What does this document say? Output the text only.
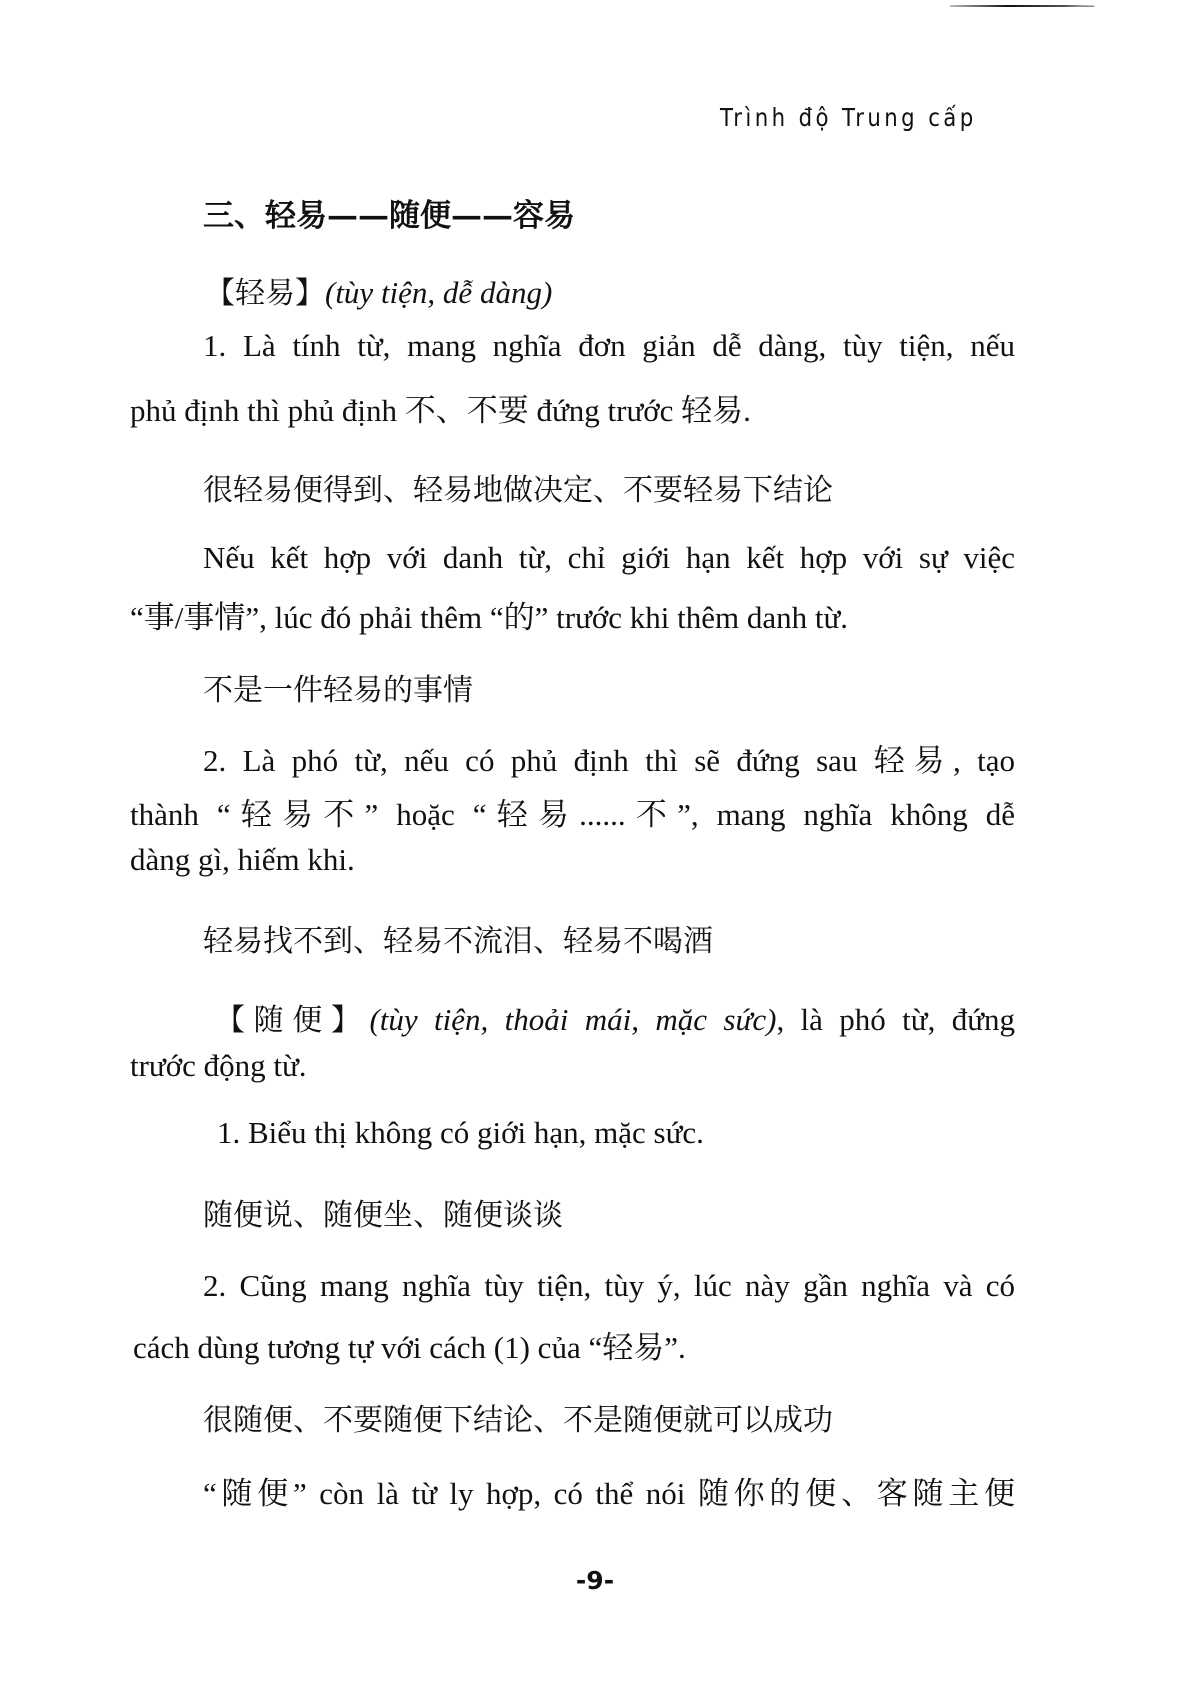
Trình độ Trung cấp
三、轻易——随便——容易
【轻易】(tùy tiện, dễ dàng)
1. Là tính từ, mang nghĩa đơn giản dễ dàng, tùy tiện, nếu
phủ định thì phủ định 不、不要 đứng trước 轻易.
很轻易便得到、轻易地做决定、不要轻易下结论
Nếu kết hợp với danh từ, chỉ giới hạn kết hợp với sự việc
“事/事情”, lúc đó phải thêm “的” trước khi thêm danh từ.
不是一件轻易的事情
2. Là phó từ, nếu có phủ định thì sẽ đứng sau 轻易, tạo
thành “轻易不” hoặc “轻易......不”, mang nghĩa không dễ
dàng gì, hiếm khi.
轻易找不到、轻易不流泪、轻易不喝酒
【随便】(tùy tiện, thoải mái, mặc sức), là phó từ, đứng
trước động từ.
1. Biểu thị không có giới hạn, mặc sức.
随便说、随便坐、随便谈谈
2. Cũng mang nghĩa tùy tiện, tùy ý, lúc này gần nghĩa và có
cách dùng tương tự với cách (1) của “轻易”.
很随便、不要随便下结论、不是随便就可以成功
“随便” còn là từ ly hợp, có thể nói 随你的便、客随主便
-9-
